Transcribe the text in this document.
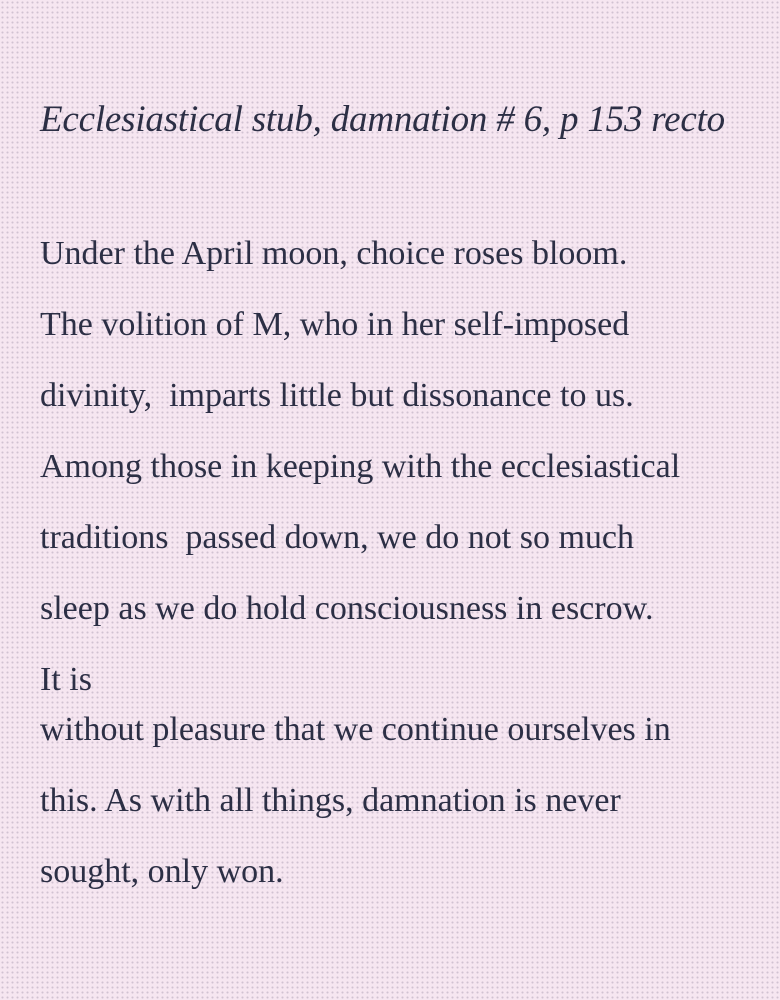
Ecclesiastical stub, damnation # 6, p 153 recto
Under the April moon, choice roses bloom.
The volition of M, who in her self-imposed
divinity,  imparts little but dissonance to us.
Among those in keeping with the ecclesiastical
traditions  passed down, we do not so much
sleep as we do hold consciousness in escrow.
It is
without pleasure that we continue ourselves in
this. As with all things, damnation is never
sought, only won.
